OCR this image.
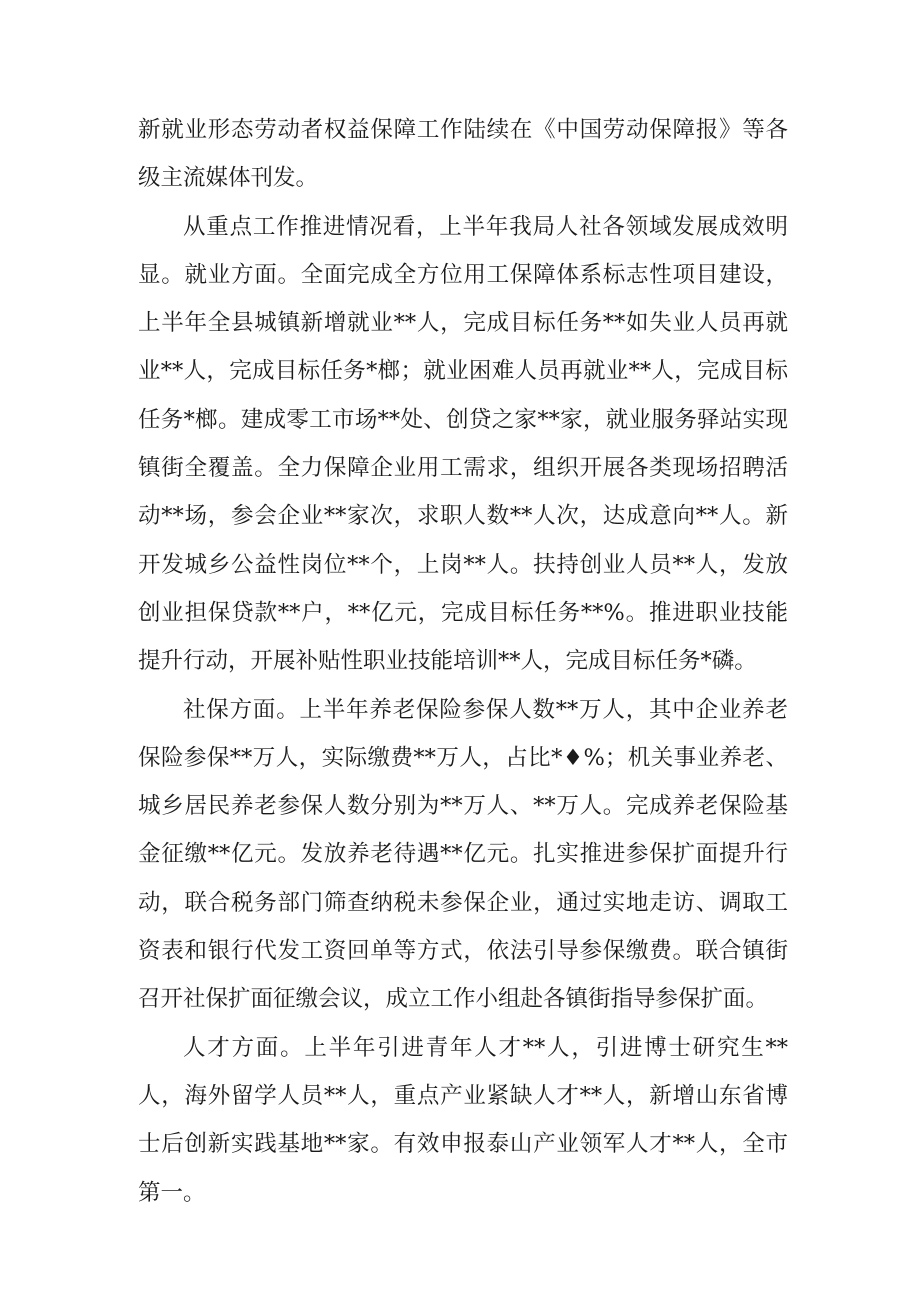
新就业形态劳动者权益保障工作陆续在《中国劳动保障报》等各级主流媒体刊发。

从重点工作推进情况看，上半年我局人社各领域发展成效明显。就业方面。全面完成全方位用工保障体系标志性项目建设，上半年全县城镇新增就业**人，完成目标任务**如失业人员再就业**人，完成目标任务*榔；就业困难人员再就业**人，完成目标任务*榔。建成零工市场**处、创贷之家**家，就业服务驿站实现镇街全覆盖。全力保障企业用工需求，组织开展各类现场招聘活动**场，参会企业**家次，求职人数**人次，达成意向**人。新开发城乡公益性岗位**个，上岗**人。扶持创业人员**人，发放创业担保贷款**户，**亿元，完成目标任务**%。推进职业技能提升行动，开展补贴性职业技能培训**人，完成目标任务*磷。

社保方面。上半年养老保险参保人数**万人，其中企业养老保险参保**万人，实际缴费**万人，占比*♦%；机关事业养老、城乡居民养老参保人数分别为**万人、**万人。完成养老保险基金征缴**亿元。发放养老待遇**亿元。扎实推进参保扩面提升行动，联合税务部门筛查纳税未参保企业，通过实地走访、调取工资表和银行代发工资回单等方式，依法引导参保缴费。联合镇街召开社保扩面征缴会议，成立工作小组赴各镇街指导参保扩面。

人才方面。上半年引进青年人才**人，引进博士研究生**人，海外留学人员**人，重点产业紧缺人才**人，新增山东省博士后创新实践基地**家。有效申报泰山产业领军人才**人，全市第一。
